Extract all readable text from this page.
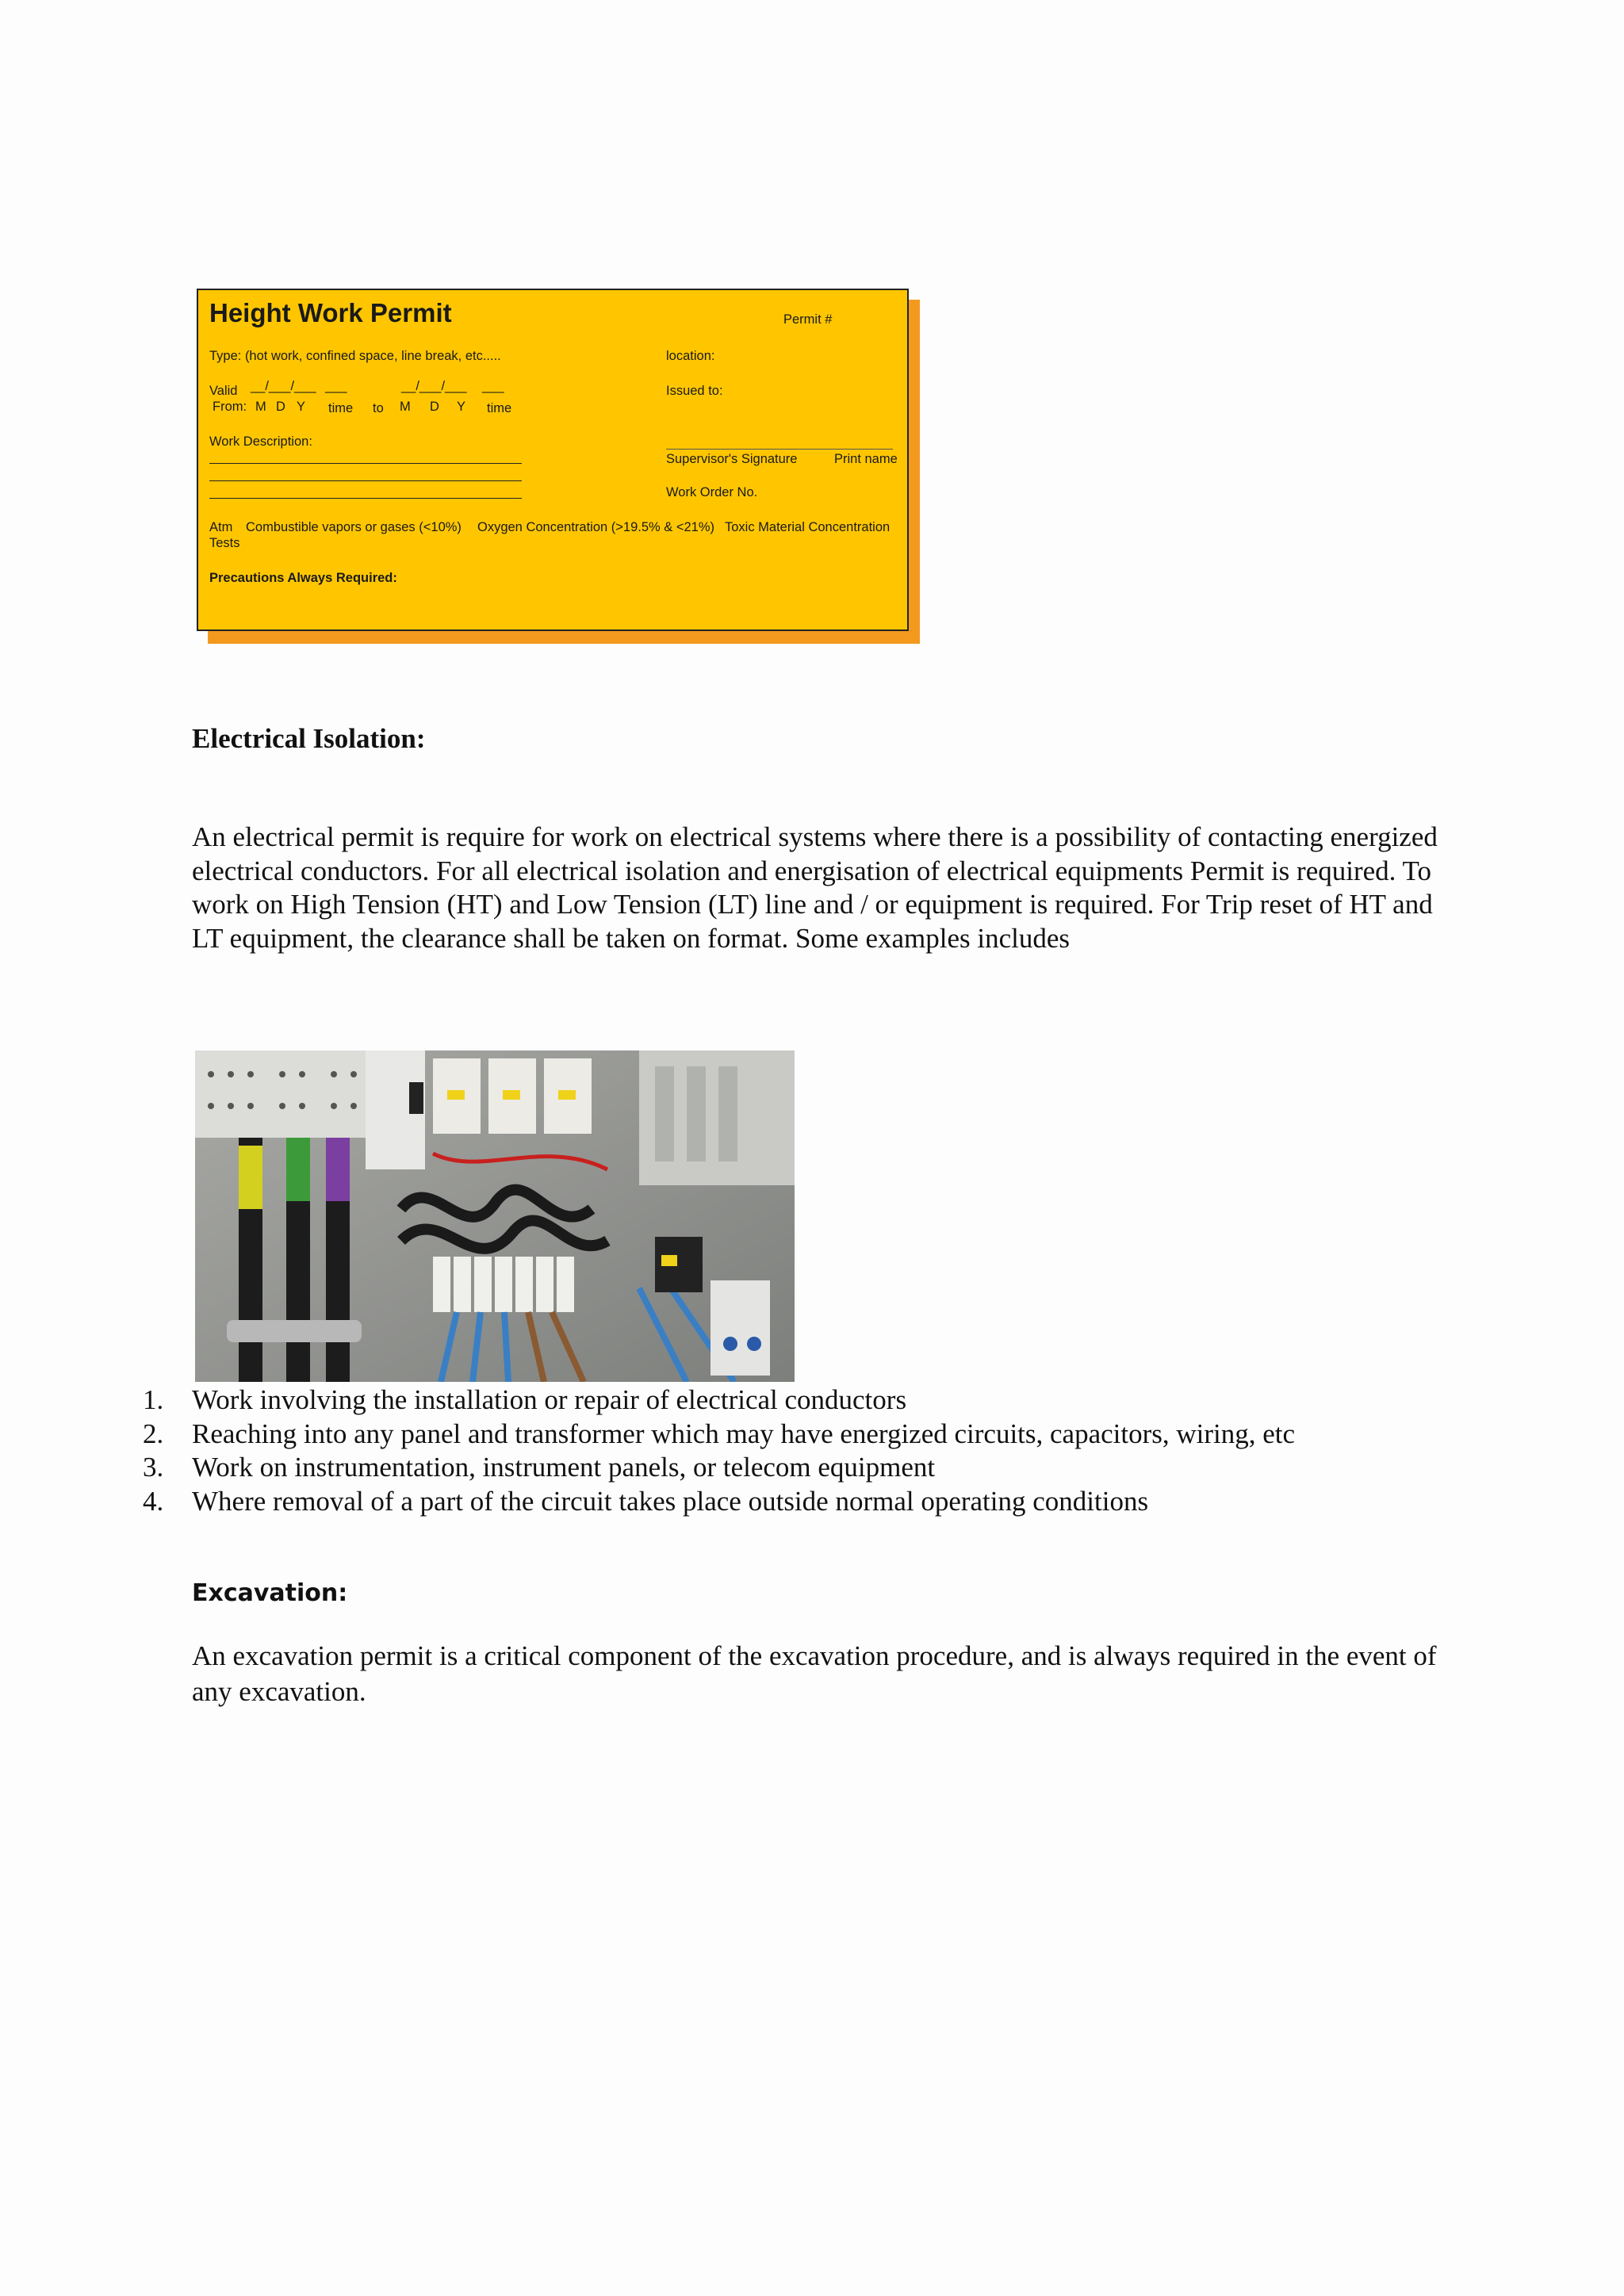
Height Work Permit	Permit #
Type: (hot work, confined space, line break, etc.....	location:
Valid __/___/___ ___	__/___/___ ___	Issued to:
From: M D Y time to M D Y time
Work Description:
Supervisor's Signature	Print name
Work Order No.
Atm
Tests
Combustible vapors or gases (<10%) Oxygen Concentration (>19.5% & <21%) Toxic Material Concentration
Precautions Always Required:
Electrical Isolation:
An electrical permit is require for work on electrical systems where there is a possibility of contacting energized electrical conductors. For all electrical isolation and energisation of electrical equipments Permit is required. To work on High Tension (HT) and Low Tension (LT) line and / or equipment is required. For Trip reset of HT and LT equipment, the clearance shall be taken on format. Some examples includes
1. Work involving the installation or repair of electrical conductors
2. Reaching into any panel and transformer which may have energized circuits, capacitors, wiring, etc
3. Work on instrumentation, instrument panels, or telecom equipment
4. Where removal of a part of the circuit takes place outside normal operating conditions
Excavation:
An excavation permit is a critical component of the excavation procedure, and is always required in the event of any excavation.
